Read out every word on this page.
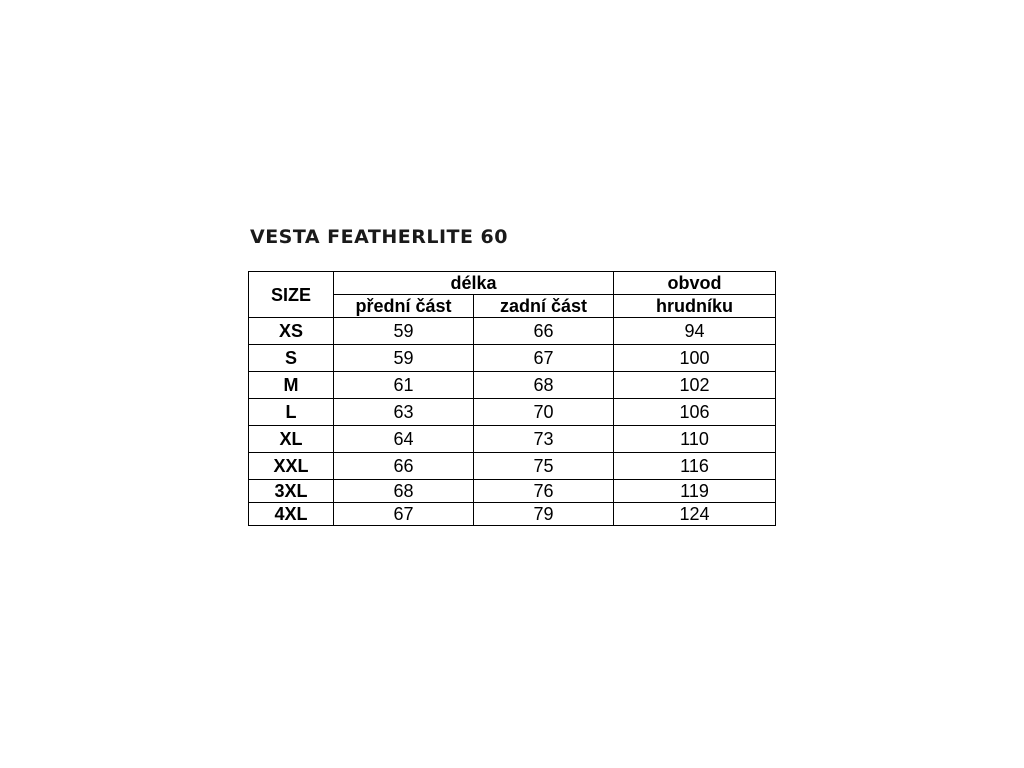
VESTA FEATHERLITE 60
SIZE	délka		obvod
	přední část	zadní část	hrudníku
XS	59	66	94
S	59	67	100
M	61	68	102
L	63	70	106
XL	64	73	110
XXL	66	75	116
3XL	68	76	119
4XL	67	79	124
